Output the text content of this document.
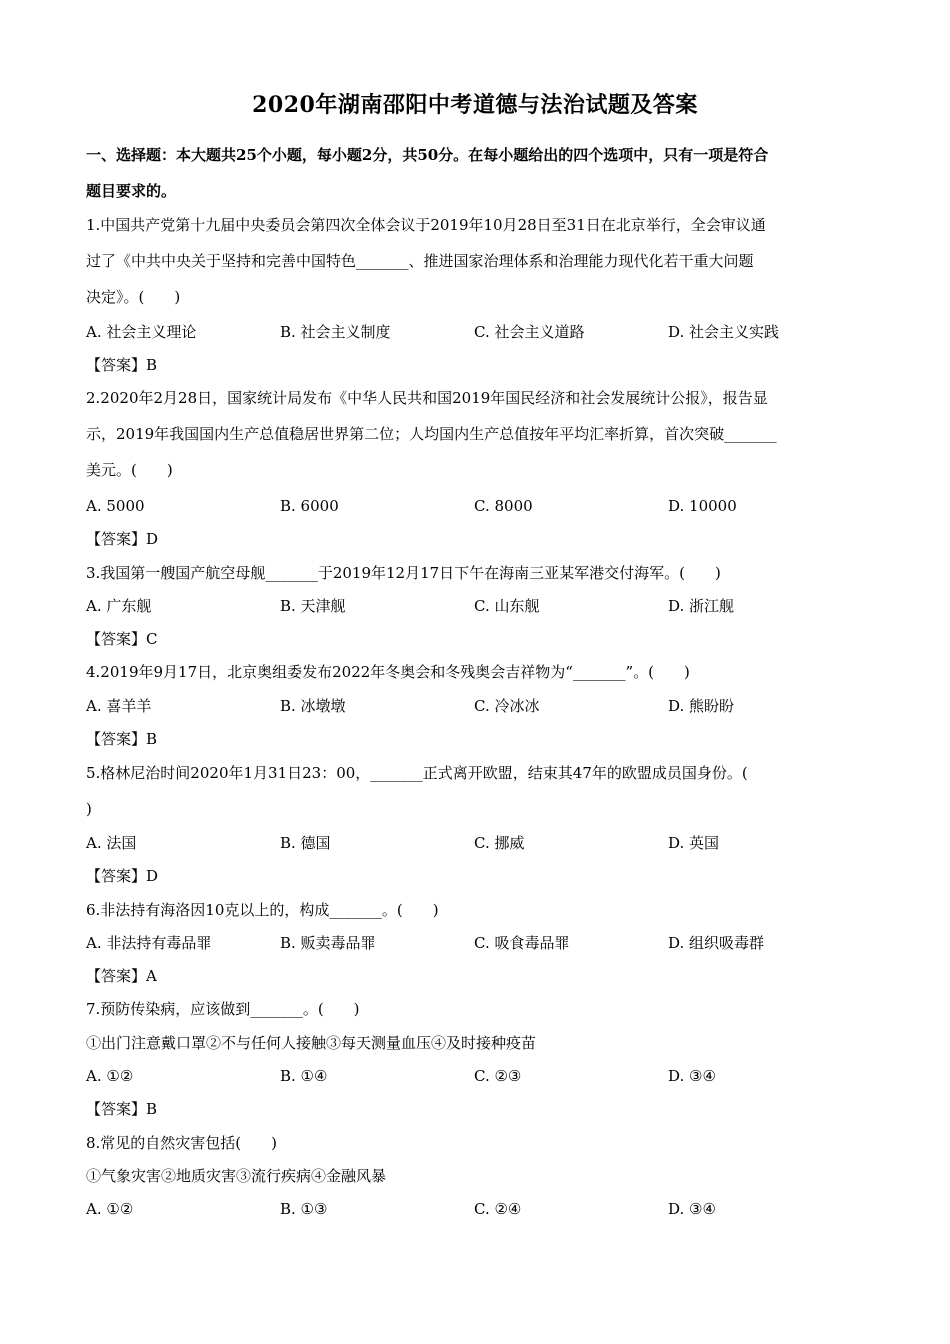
2020年湖南邵阳中考道德与法治试题及答案
一、选择题：本大题共25个小题，每小题2分，共50分。在每小题给出的四个选项中，只有一项是符合
题目要求的。
1.中国共产党第十九届中央委员会第四次全体会议于2019年10月28日至31日在北京举行，全会审议通
过了《中共中央关于坚持和完善中国特色_______、推进国家治理体系和治理能力现代化若干重大问题
决定》。(　　)
A. 社会主义理论	B. 社会主义制度	C. 社会主义道路	D. 社会主义实践
【答案】B
2.2020年2月28日，国家统计局发布《中华人民共和国2019年国民经济和社会发展统计公报》，报告显
示，2019年我国国内生产总值稳居世界第二位；人均国内生产总值按年平均汇率折算，首次突破_______
美元。(　　)
A. 5000	B. 6000	C. 8000	D. 10000
【答案】D
3.我国第一艘国产航空母舰_______于2019年12月17日下午在海南三亚某军港交付海军。(　　)
A. 广东舰	B. 天津舰	C. 山东舰	D. 浙江舰
【答案】C
4.2019年9月17日，北京奥组委发布2022年冬奥会和冬残奥会吉祥物为“_______”。(　　)
A. 喜羊羊	B. 冰墩墩	C. 冷冰冰	D. 熊盼盼
【答案】B
5.格林尼治时间2020年1月31日23：00，_______正式离开欧盟，结束其47年的欧盟成员国身份。(
)
A. 法国	B. 德国	C. 挪威	D. 英国
【答案】D
6.非法持有海洛因10克以上的，构成_______。(　　)
A. 非法持有毒品罪	B. 贩卖毒品罪	C. 吸食毒品罪	D. 组织吸毒群
【答案】A
7.预防传染病，应该做到_______。(　　)
①出门注意戴口罩②不与任何人接触③每天测量血压④及时接种疫苗
A. ①②	B. ①④	C. ②③	D. ③④
【答案】B
8.常见的自然灾害包括(　　)
①气象灾害②地质灾害③流行疾病④金融风暴
A. ①②	B. ①③	C. ②④	D. ③④
